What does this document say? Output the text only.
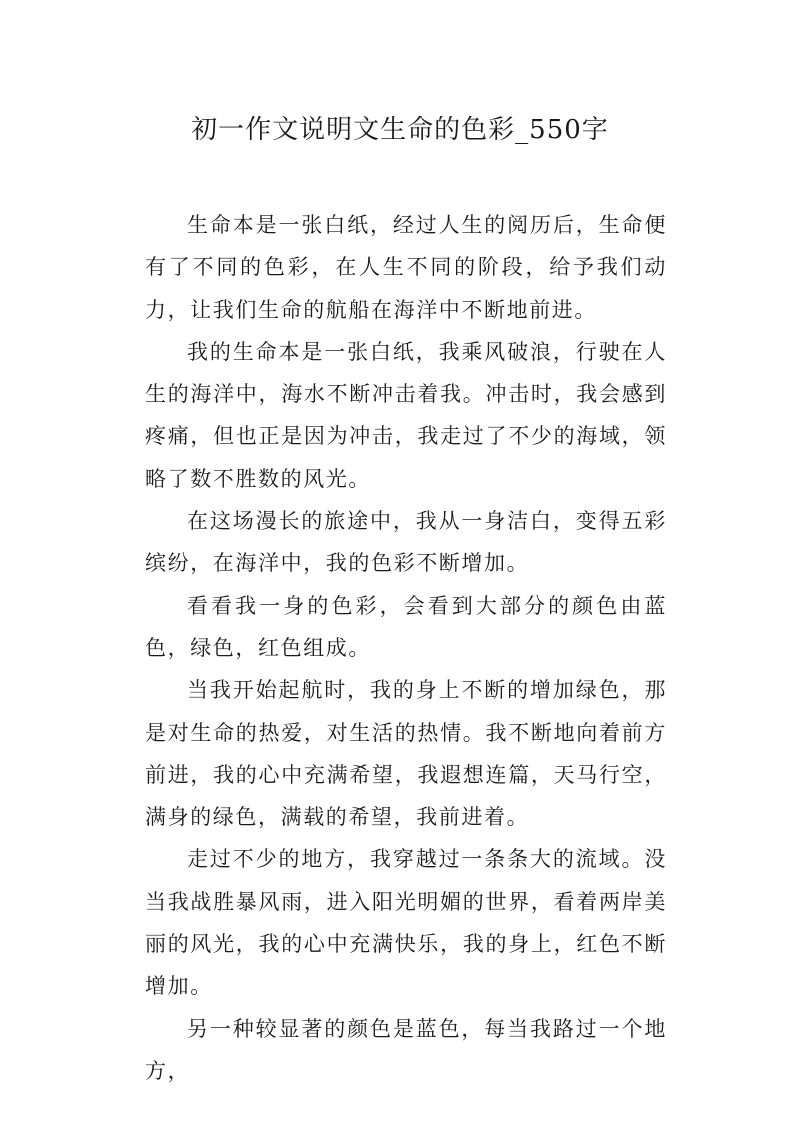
初一作文说明文生命的色彩_550字

生命本是一张白纸，经过人生的阅历后，生命便有了不同的色彩，在人生不同的阶段，给予我们动力，让我们生命的航船在海洋中不断地前进。

我的生命本是一张白纸，我乘风破浪，行驶在人生的海洋中，海水不断冲击着我。冲击时，我会感到疼痛，但也正是因为冲击，我走过了不少的海域，领略了数不胜数的风光。

在这场漫长的旅途中，我从一身洁白，变得五彩缤纷，在海洋中，我的色彩不断增加。

看看我一身的色彩，会看到大部分的颜色由蓝色，绿色，红色组成。

当我开始起航时，我的身上不断的增加绿色，那是对生命的热爱，对生活的热情。我不断地向着前方前进，我的心中充满希望，我遐想连篇，天马行空，满身的绿色，满载的希望，我前进着。

走过不少的地方，我穿越过一条条大的流域。没当我战胜暴风雨，进入阳光明媚的世界，看着两岸美丽的风光，我的心中充满快乐，我的身上，红色不断增加。

另一种较显著的颜色是蓝色，每当我路过一个地方，
